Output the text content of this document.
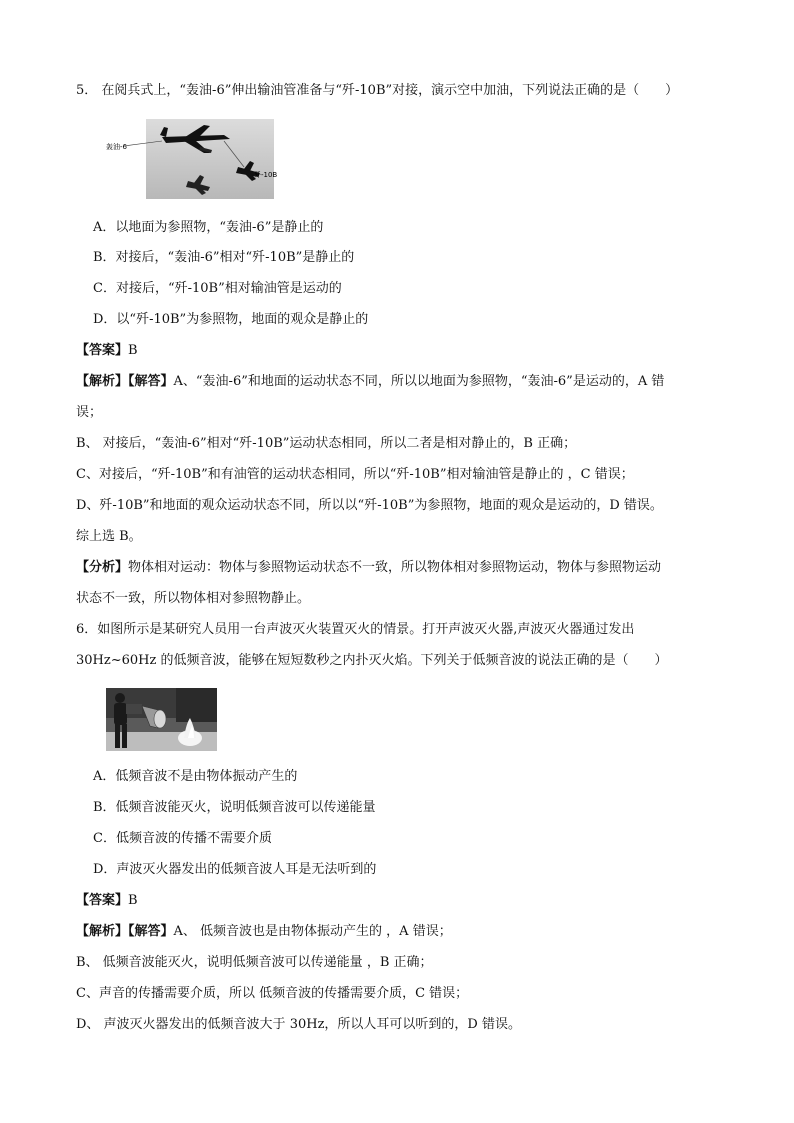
5． 在阅兵式上，“轰油-6”伸出输油管准备与“歼-10B”对接，演示空中加油，下列说法正确的是（　　）
轰油-6
歼-10B
A．以地面为参照物，“轰油-6”是静止的
B．对接后，“轰油-6”相对“歼-10B”是静止的
C．对接后，“歼-10B”相对输油管是运动的
D．以“歼-10B”为参照物，地面的观众是静止的
【答案】B
【解析】【解答】A、“轰油-6”和地面的运动状态不同，所以以地面为参照物，“轰油-6”是运动的，A 错
误；
B、 对接后，“轰油-6”相对“歼-10B”运动状态相同，所以二者是相对静止的，B 正确；
C、对接后，“歼-10B”和有油管的运动状态相同，所以“歼-10B”相对输油管是静止的 ，C 错误；
D、歼-10B”和地面的观众运动状态不同，所以以“歼-10B”为参照物，地面的观众是运动的，D 错误。
综上选 B。
【分析】物体相对运动：物体与参照物运动状态不一致，所以物体相对参照物运动，物体与参照物运动
状态不一致，所以物体相对参照物静止。
6．如图所示是某研究人员用一台声波灭火装置灭火的情景。打开声波灭火器,声波灭火器通过发出
30Hz~60Hz 的低频音波，能够在短短数秒之内扑灭火焰。下列关于低频音波的说法正确的是（　　）
A．低频音波不是由物体振动产生的
B．低频音波能灭火，说明低频音波可以传递能量
C．低频音波的传播不需要介质
D．声波灭火器发出的低频音波人耳是无法听到的
【答案】B
【解析】【解答】A、 低频音波也是由物体振动产生的 ，A 错误；
B、 低频音波能灭火，说明低频音波可以传递能量 ，B 正确；
C、声音的传播需要介质，所以 低频音波的传播需要介质，C 错误；
D、 声波灭火器发出的低频音波大于 30Hz，所以人耳可以听到的，D 错误。
